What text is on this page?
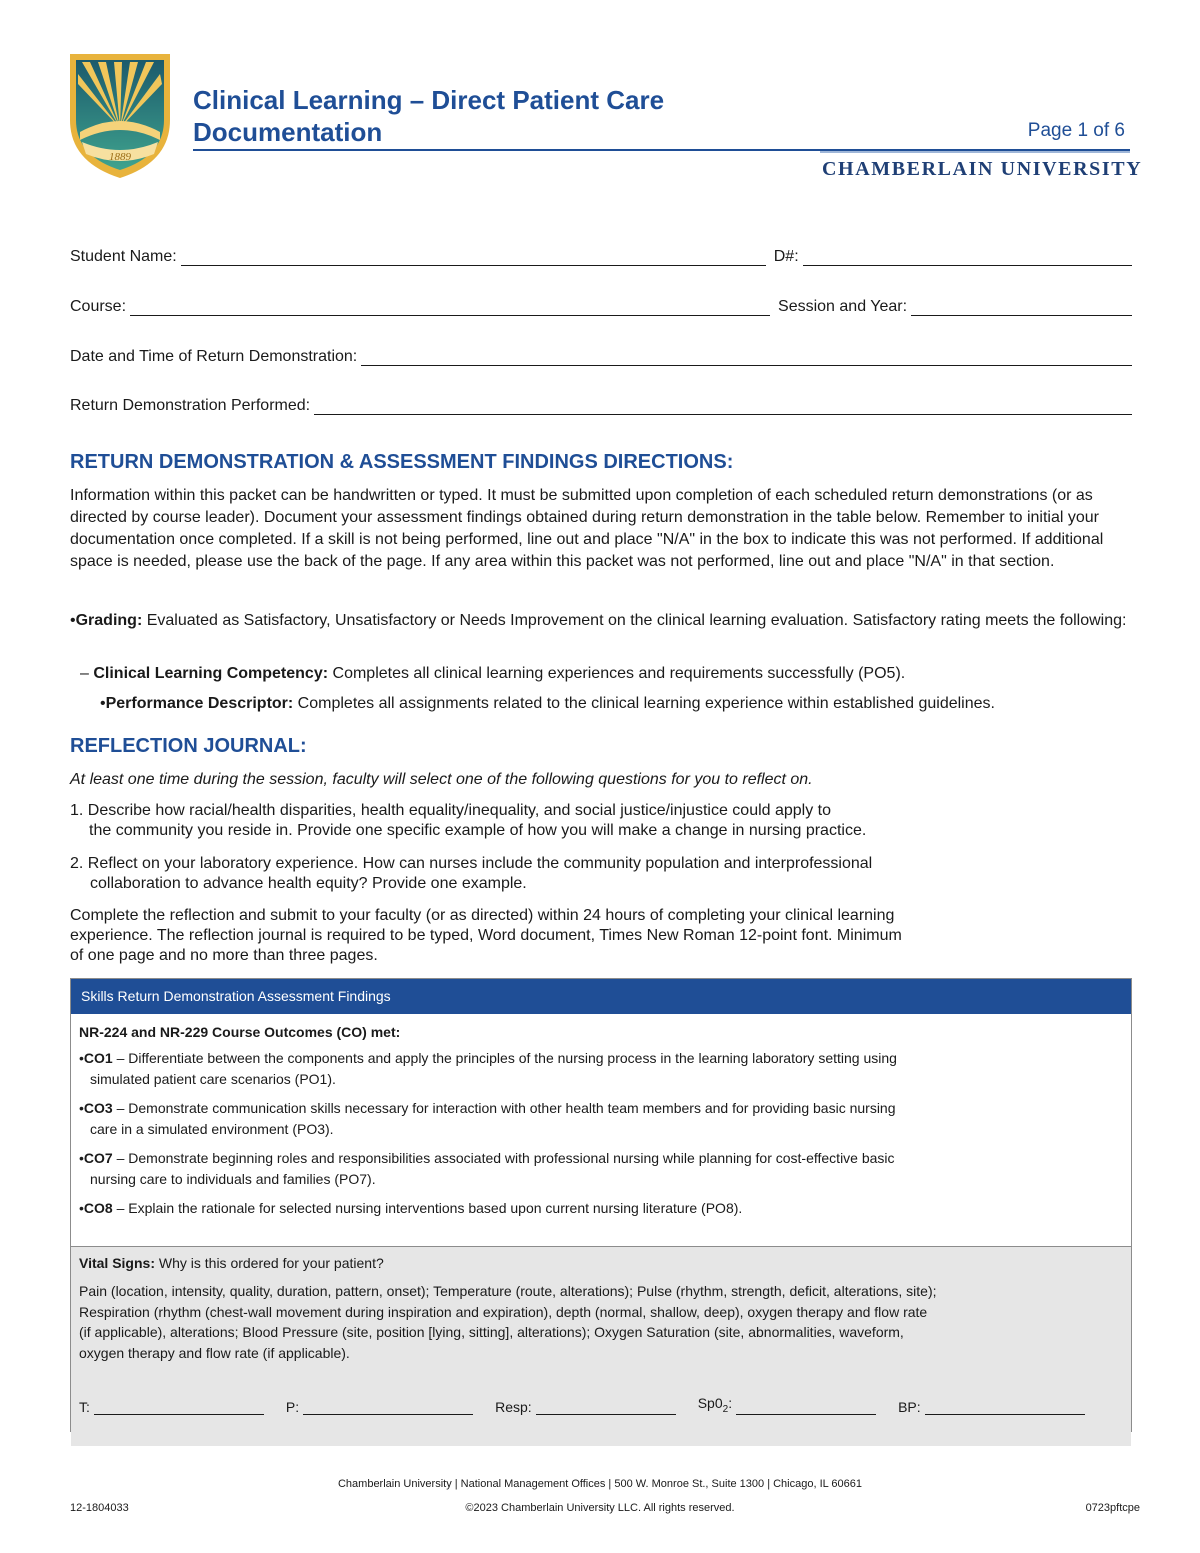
1889
Clinical Learning – Direct Patient Care
Documentation	Page 1 of 6
CHAMBERLAIN UNIVERSITY
Student Name:	D#:
Course:	Session and Year:
Date and Time of Return Demonstration:
Return Demonstration Performed:
RETURN DEMONSTRATION & ASSESSMENT FINDINGS DIRECTIONS:
Information within this packet can be handwritten or typed. It must be submitted upon completion of each scheduled return demonstrations (or as directed by course leader). Document your assessment findings obtained during return demonstration in the table below. Remember to initial your documentation once completed. If a skill is not being performed, line out and place "N/A" in the box to indicate this was not performed. If additional space is needed, please use the back of the page. If any area within this packet was not performed, line out and place "N/A" in that section.
•Grading: Evaluated as Satisfactory, Unsatisfactory or Needs Improvement on the clinical learning evaluation. Satisfactory rating meets the following:
– Clinical Learning Competency: Completes all clinical learning experiences and requirements successfully (PO5).
•Performance Descriptor: Completes all assignments related to the clinical learning experience within established guidelines.
REFLECTION JOURNAL:
At least one time during the session, faculty will select one of the following questions for you to reflect on.
1. Describe how racial/health disparities, health equality/inequality, and social justice/injustice could apply to
the community you reside in. Provide one specific example of how you will make a change in nursing practice.
2. Reflect on your laboratory experience. How can nurses include the community population and interprofessional
collaboration to advance health equity? Provide one example.
Complete the reflection and submit to your faculty (or as directed) within 24 hours of completing your clinical learning
experience. The reflection journal is required to be typed, Word document, Times New Roman 12-point font. Minimum
of one page and no more than three pages.
Skills Return Demonstration Assessment Findings
NR-224 and NR-229 Course Outcomes (CO) met:
•CO1 – Differentiate between the components and apply the principles of the nursing process in the learning laboratory setting using
simulated patient care scenarios (PO1).
•CO3 – Demonstrate communication skills necessary for interaction with other health team members and for providing basic nursing
care in a simulated environment (PO3).
•CO7 – Demonstrate beginning roles and responsibilities associated with professional nursing while planning for cost-effective basic
nursing care to individuals and families (PO7).
•CO8 – Explain the rationale for selected nursing interventions based upon current nursing literature (PO8).
Vital Signs: Why is this ordered for your patient?
Pain (location, intensity, quality, duration, pattern, onset); Temperature (route, alterations); Pulse (rhythm, strength, deficit, alterations, site);
Respiration (rhythm (chest-wall movement during inspiration and expiration), depth (normal, shallow, deep), oxygen therapy and flow rate
(if applicable), alterations; Blood Pressure (site, position [lying, sitting], alterations); Oxygen Saturation (site, abnormalities, waveform,
oxygen therapy and flow rate (if applicable).
T:	P:	Resp:	$Sp0_2$:	BP:
Chamberlain University | National Management Offices | 500 W. Monroe St., Suite 1300 | Chicago, IL 60661
©2023 Chamberlain University LLC. All rights reserved.
12-1804033	0723pftcpe
